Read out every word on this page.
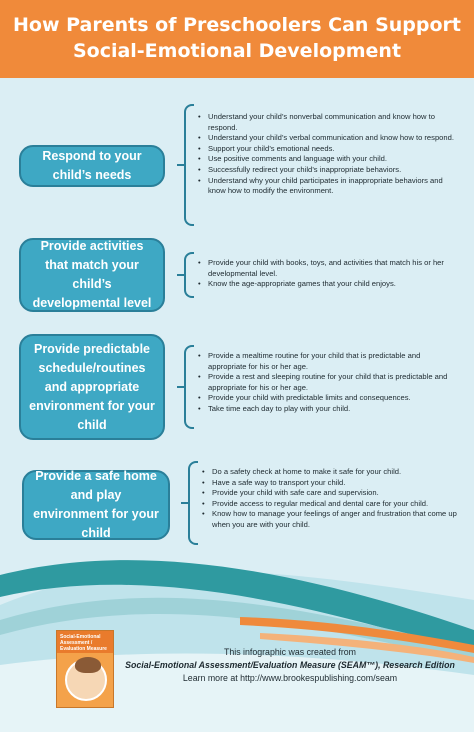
How Parents of Preschoolers Can Support
Social-Emotional Development
Respond to your child’s needs
• Understand your child’s nonverbal communication and know how to respond.
• Understand your child’s verbal communication and know how to respond.
• Support your child’s emotional needs.
• Use positive comments and language with your child.
• Successfully redirect your child’s inappropriate behaviors.
• Understand why your child participates in inappropriate behaviors and know how to modify the environment.
Provide activities that match your child’s developmental level
• Provide your child with books, toys, and activities that match his or her developmental level.
• Know the age-appropriate games that your child enjoys.
Provide predictable schedule/routines and appropriate environment for your child
• Provide a mealtime routine for your child that is predictable and appropriate for his or her age.
• Provide a rest and sleeping routine for your child that is predictable and appropriate for his or her age.
• Provide your child with predictable limits and consequences.
• Take time each day to play with your child.
Provide a safe home and play environment for your child
• Do a safety check at home to make it safe for your child.
• Have a safe way to transport your child.
• Provide your child with safe care and supervision.
• Provide access to regular medical and dental care for your child.
• Know how to manage your feelings of anger and frustration that come up when you are with your child.
Social-Emotional Assessment / Evaluation Measure	This infographic was created from
Social-Emotional Assessment/Evaluation Measure (SEAM™), Research Edition
Learn more at http://www.brookespublishing.com/seam
